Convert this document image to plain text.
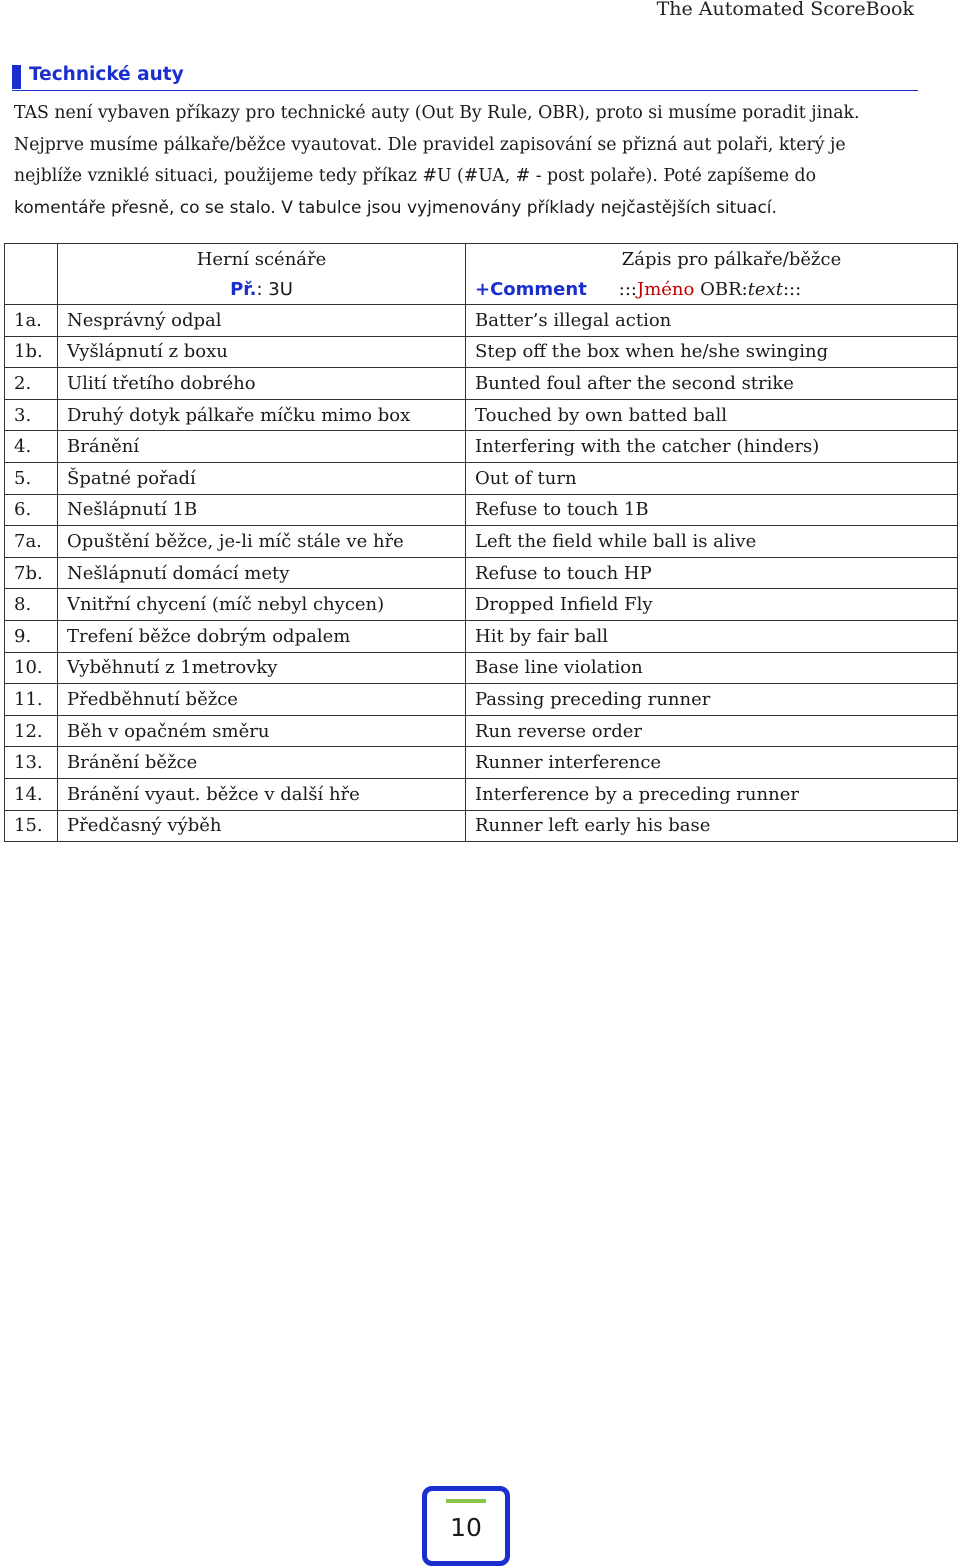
The Automated ScoreBook
Technické auty

TAS není vybaven příkazy pro technické auty (Out By Rule, OBR), proto si musíme poradit jinak.
Nejprve musíme pálkaře/běžce vyautovat. Dle pravidel zapisování se přizná aut polaři, který je
nejblíže vzniklé situaci, použijeme tedy příkaz #U (#UA, # - post polaře). Poté zapíšeme do
komentáře přesně, co se stalo. V tabulce jsou vyjmenovány příklady nejčastějších situací.

	Herní scénáře	Zápis pro pálkaře/běžce
	Př.: 3U	+Comment :::Jméno OBR:text:::
1a.	Nesprávný odpal	Batter’s illegal action
1b.	Vyšlápnutí z boxu	Step off the box when he/she swinging
2.	Ulití třetího dobrého	Bunted foul after the second strike
3.	Druhý dotyk pálkaře míčku mimo box	Touched by own batted ball
4.	Bránění	Interfering with the catcher (hinders)
5.	Špatné pořadí	Out of turn
6.	Nešlápnutí 1B	Refuse to touch 1B
7a.	Opuštění běžce, je-li míč stále ve hře	Left the field while ball is alive
7b.	Nešlápnutí domácí mety	Refuse to touch HP
8.	Vnitřní chycení (míč nebyl chycen)	Dropped Infield Fly
9.	Trefení běžce dobrým odpalem	Hit by fair ball
10.	Vyběhnutí z 1metrovky	Base line violation
11.	Předběhnutí běžce	Passing preceding runner
12.	Běh v opačném směru	Run reverse order
13.	Bránění běžce	Runner interference
14.	Bránění vyaut. běžce v další hře	Interference by a preceding runner
15.	Předčasný výběh	Runner left early his base
10
